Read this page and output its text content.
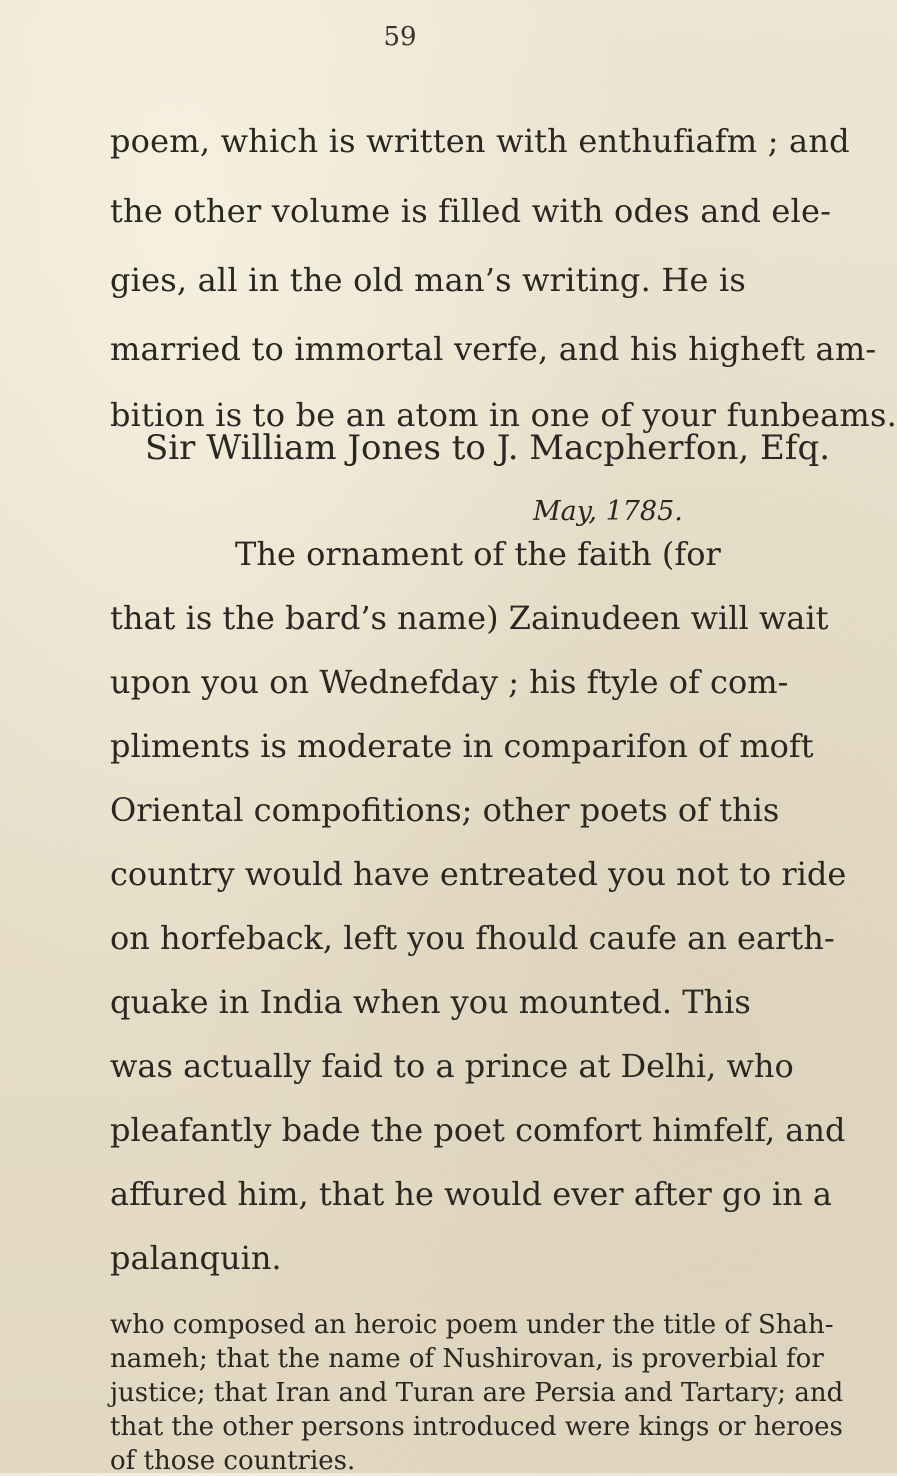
59

poem, which is written with enthufiafm ; and

the other volume is filled with odes and ele-

gies, all in the old man’s writing. He is

married to immortal verfe, and his higheft am-

bition is to be an atom in one of your funbeams.

Sir William Jones to J. Macpherfon, Efq.

May, 1785.

The ornament of the faith (for

that is the bard’s name) Zainudeen will wait

upon you on Wednefday ; his ftyle of com-

pliments is moderate in comparifon of moft

Oriental compofitions; other poets of this

country would have entreated you not to ride

on horfeback, left you fhould caufe an earth-

quake in India when you mounted. This

was actually faid to a prince at Delhi, who

pleafantly bade the poet comfort himfelf, and

affured him, that he would ever after go in a

palanquin.

who composed an heroic poem under the title of Shah-

nameh; that the name of Nushirovan, is proverbial for

justice; that Iran and Turan are Persia and Tartary; and

that the other persons introduced were kings or heroes

of those countries.
